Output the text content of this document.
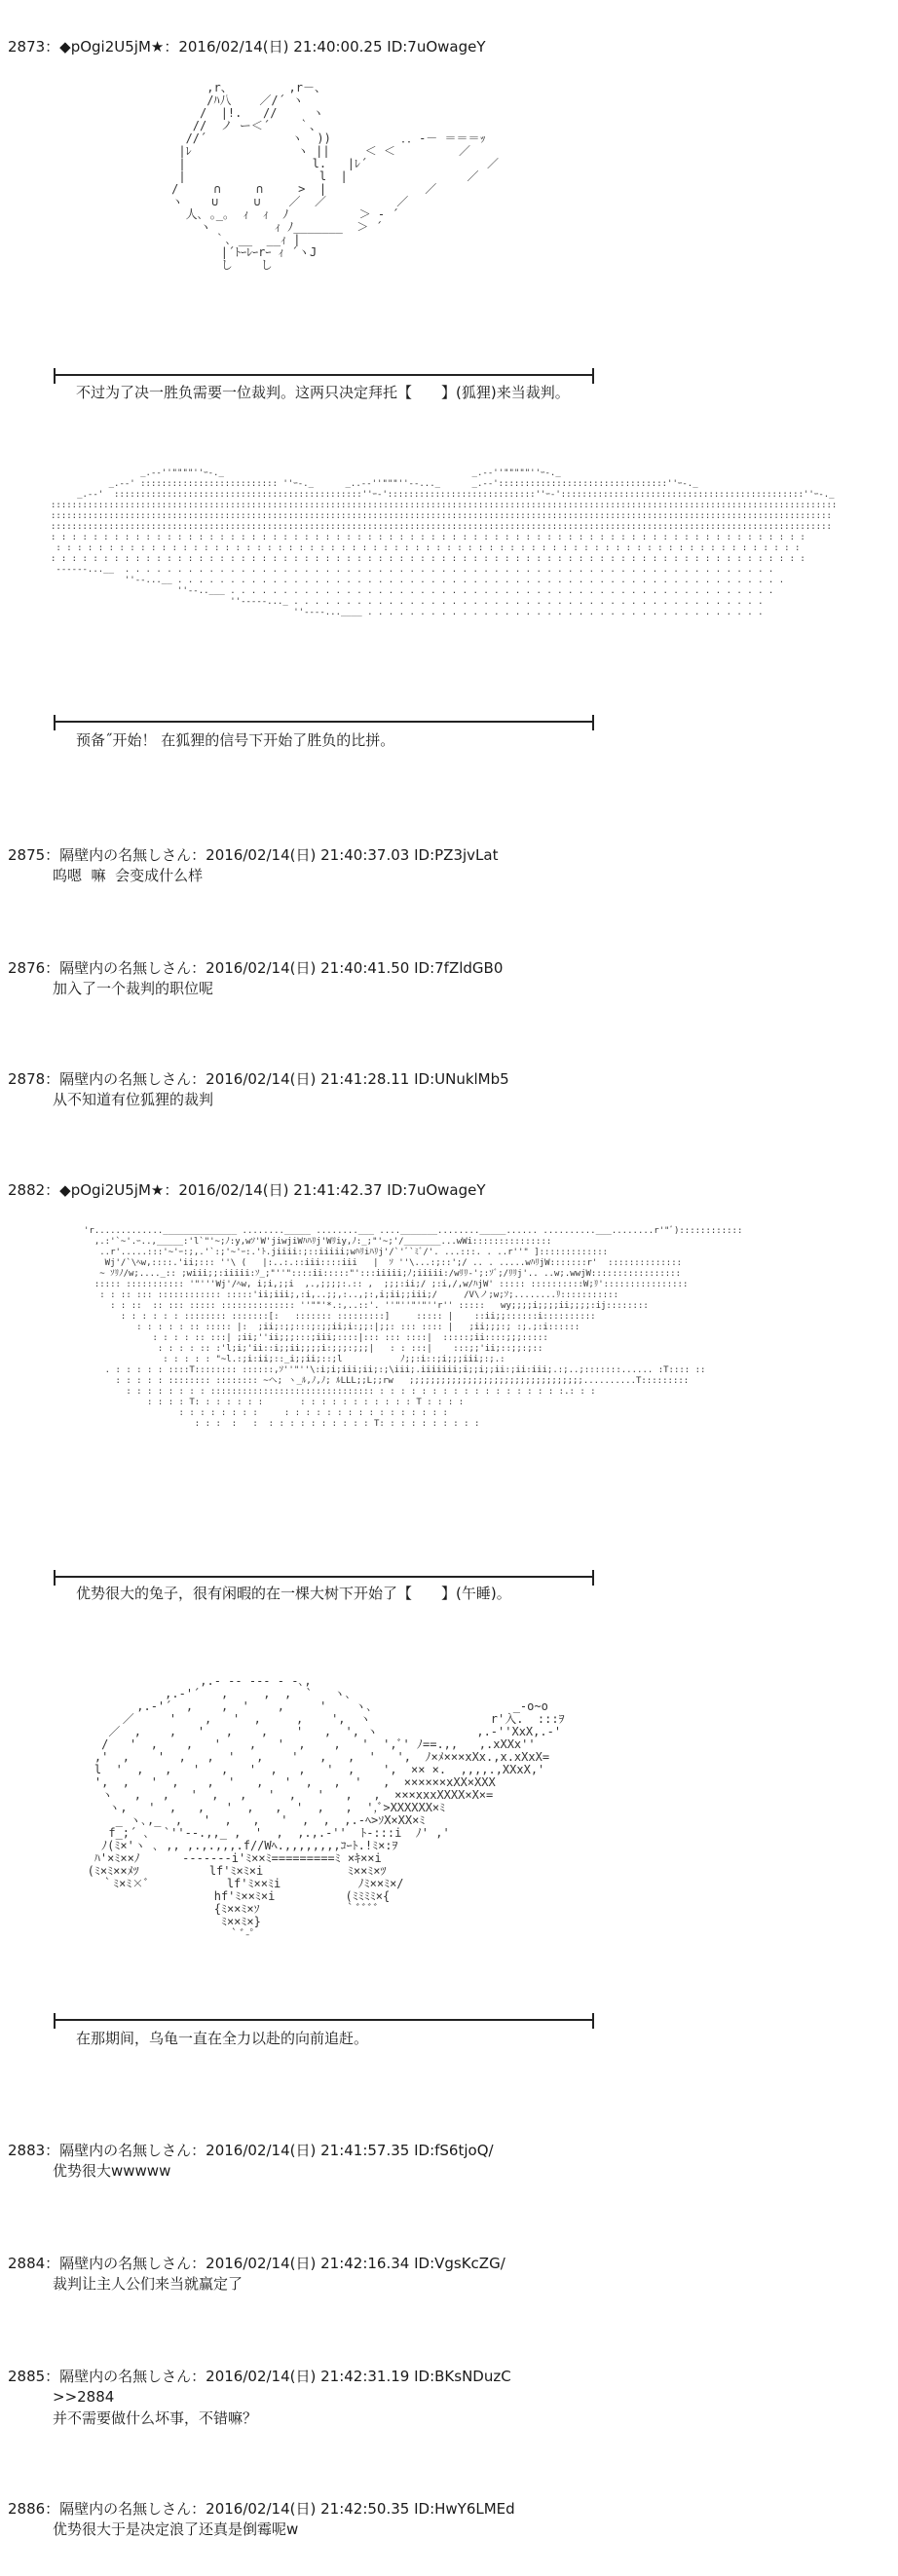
2873：◆pOgi2U5jM★：2016/02/14(日) 21:40:00.25 ID:7uOwageY
,r、        ,r－、
/ﾊ八    ／/´ ヽ
/  |!.   //     ヽ
//  ノ ー＜´    ｀、
//´            ヽ  ))          ．．-－ ＝＝＝ｯ
|ﾚ               ヽ ||     ＜ ＜         ／
|                  l.   |ﾚ´                 ／
|                   l  |                 ／
/     ∩     ∩     >  |              ／
ヽ    ∪     ∪    ／  ／          ／
人､ ｡_｡  ｨ  ｨ  ﾉ          ＞ ‐ ´
ヽ         ｨ ﾉ_______  ＞ ´
｀､ __  __ｨ |
|´ﾄｰﾚｰrｰ ｨ ´ヽJ
し    し
不过为了决一胜负需要一位裁判。这两只决定拜托【　　】(狐狸)来当裁判。
_.-‐''""""''ｰ-._                                               _.-‐''"""""''ｰ-._
_.-‐' :::::::::::::::::::::::::: ''ｰ-._      _..-‐''"""''‐-..._      _.-‐'::::::::::::::::::::::::::::::::''ｰ-._
_.-‐'  :::::::::::::::::::::::::::::::::::::::::::::::''ｰ‐'::::::::::::::::::::::::::::''ｰ‐'::::::::::::::::::::::::::::::::::::::::::::::''ｰ-._
:::::::::::::::::::::::::::::::::::::::::::::::::::::::::::::::::::::::::::::::::::::::::::::::::::::::::::::::::::::::::::::::::::::::::::::::::::::
::::::::::::::::::::::::::::::::::::::::::::::::::::::::::::::::::::::::::::::::::::::::::::::::::::::::::::::::::::::::::::::::::::::::::::::::::::
::::::::::::::::::::::::::::::::::::::::::::::::::::::::::::::::::::::::::::::::::::::::::::::::::::::::::::::::::::::::::::::::::::::::::::::::::::
: : : : : : : : : : : : : : : : : : : : : : : : : : : : : : : : : : : : : : : : : : : : : : : : : : : : : : : : : : : : : : : : : : : : : : : :
: : : : : : : : : : : : : : : : : : : : : : : : : : : : : : : : : : : : : : : : : : : : : : : : : : : : : : : : : : : : : : : : : : : : : : :
: : : : : : : : : : : : : : : : : : : : : : : : : : : : : : : : : : : : : : : : : : : : : : : : : : : : : : : : : : : : : : : : : : : : : : : :
‐‐‐---...__  . . . . . . . . . . . . . . . . . . . . . . . . . . . . . . . . . . . . . . . . . . . . . . . . . . . . . . . . . . . . . .
''‐-...__ . . . . . . . . . . . . . . . . . . . . . . . . . . . . . . . . . . . . . . . . . . . . . . . . . . . . . . . . . .
''‐-..___ . . . . . . . . . . . . . . . . . . . . . . . . . . . . . . . . . . . . . . . . . . . . . . . . . . . .
''‐‐-‐-..._ . . . . . . . . . . . . . . . . . . . . . . . . . . . . . . . . . . . . . . . . . . . . .
''‐‐--...____ . . . . . . . . . . . . . . . . . . . . . . . . . . . . . . . . . . . . . .
预备˝开始！ 在狐狸的信号下开始了胜负的比拼。
2875：隔壁内の名無しさん：2016/02/14(日) 21:40:37.03 ID:PZ3jvLat
呜嗯  嘛  会变成什么样
2876：隔壁内の名無しさん：2016/02/14(日) 21:40:41.50 ID:7fZldGB0
加入了一个裁判的职位呢
2878：隔壁内の名無しさん：2016/02/14(日) 21:41:28.11 ID:UNuklMb5
从不知道有位狐狸的裁判
2882：◆pOgi2U5jM★：2016/02/14(日) 21:41:42.37 ID:7uOwageY
'r.............______________ ........_____ ........___ ...._______........_____...... ..........___........r'"ﾞ)::::::::::::
,.:'`~'.ｰ..,_____:'l`"'~;ﾉ:y,wｿ'W'jiwjiWﾊﾊﾘj'Wﾘiy,ﾉ:_;"'~;'/_______...wWi:::::::::::::::
..r'.....:::'~'ｰ:;,.'`:;'~'ｰ:.'ﾄ.jiiii:;::iiiii;wﾊﾘiﾊﾘj'/`'ﾞ`ﾐﾞ/'. ...:::. . ..r''" ]:::::::::::::
Wj'/`\ﾍw,::::.'ii;::: ''\ (   |:..:.::iii::::iii   |  ｿ ''\...:;::';/ .. . .....wﾊﾘjW:::::::r'  ::::::::::::::
~ ｿﾘﾉ/w;...._:: ;wiii;;:iiiii:ｿ_;"''"::::ii:::::"':::iiiii;ﾉ;iiiii:/wﾘﾘ-';:ｿﾞ;/ﾘﾘj'.. ..w;.wwjW:::::::::::::::::
::::: ::::::::::: '"'''Wj'/ﾍw, i;i,;;i  ,.,;;;;:.:: ,  ;;;:ii;/ ;:i,/,w/ﾊjW' ::::: ::::::::::W;ﾘ'::::::::::::::::
: : :: ::: :::::::::::: :::::'ii;iii;,:i,..;;,:..,;:,i;ii;;iii;/     /V\ノ;w;ｿ;........ﾘ:::::::::::
: : ::  :: ::: ::::: :::::::::::::: ''""'*.:,..::'. ''"''"'"''r'' :::::   wy;;;;i;;;;ii;;;;:ij::::::::
: : : : : : :::::::: :::::::[:   ::::::: :::::::::]     ::::: |    ::ii;;::::::i::::::::::
: : : : : :: ::::: |:  ;ii;:;;:::;:;;ii;i:;;:|;;: ::: :::: |   ;ii;;;:; :;.;:i::::::
: : : : :: :::| ;ii;''ii;;;:::;iii;::::|::: ::: ::::|  :::::;ii::::;;;:::::
: : : : :: :'l;i;'ii::i;;ii;;;;i:;;;:;;;|   : : :::|    :::;;'ii;::;;:;::
: : : : : "~l.:;i:ii;::_i;;ii;::;l           ﾉ;;:i::;i;;;iii;:;.:
. : : : : : ::::T:::::::: ::::::,ｿ''"''\:i;i;iii;ii;:;\iii;.iiiiiii;i;;i;;ii:;ii:iii;.:;..;:::::::...... :T:::: ::
: : : : : :::::::: :::::::: ~ヘ; ヽ_ﾙ,ﾉ,ﾉ; ﾙLLL;;L;;rw   ;;;;;;;;;;;;;;;;;;;;;;;;;;;;;;;;;..........T:::::::::
: : : : : : : : ::::::::::::::::::::::::::::::: : : : : : : : : : : : : : : : : : :.: : :
: : : : T: : : : : : :       : : : : : : : : : : : T : : : :
: : : : : : : :     : : : : : : : : : : : : : : : :
: : :  :   :  : : : : : : : : : : T: : : : : : : : : :
优势很大的兔子，很有闲暇的在一棵大树下开始了【　　】(午睡)。
,.- ‐‐ ‐‐‐ ‐ -､,
,.‐'´   ,     ,  ,  `   ヽ､
,.‐'´  ,    ,  '    ,     '    ヽ､                    _-o~o
／     '    ,   '  ,     ,    ',  ヽ                 r'入.  :::ｦ
／  ,    ,   '   ,    ,    '   ,  ', ヽ              ,.-''XxX,.-'
/   '  ,    ,   '    ,   '  ,    ,   '  ',ﾞ' ﾉ==.,,   ,.xXXx''
,'  ,    '  ,   ,  '   ,    '   ,   ,  '   ',  ﾉ×ﾒ×××xXx.,x.xXxX=
l  '  ,   ,   '   ,   '  ,   ,   '  ,    ',  ×× ×.  ,,,,.,XXxX,'
',  ,   '  ,    ,  '   ,   '  ,   ,  '   ,  ××××××xXX×XXX
ヽ   ,   ,   '  ,   ,   '  ,   '   ,   ,  ×××xxxXXXX×X×=
ヽ,   '  ,   ,   '  ,   ,  '  ,   ,  ',ﾞ>XXXXXX×ﾐ
_ ヽ､,_  ,   '  ,   ,   '  ,  ,  ,.-ﾍ>ｿX×XX×ﾐ
f_;´ ､  `''‐-.,,_ ,  '  ,  ,.,.-''  ﾄ-:::i  ﾉ' ,'
ﾉ(ﾐ×'ヽ ､ ,, ,.,.,,,.f//Wﾍ.,,,,,,,,ｺｰﾄ.!ﾐ×:ｦ
ﾊ'×ﾐ××ﾉ      ‐‐‐‐‐‐‐i'ﾐ××ﾐ=========ﾐ ×ｷ××i
(ﾐ×ﾐ××ﾒﾂ          lf'ﾐ×ﾐ×i            ﾐ××ﾐ×ﾂ
｀ﾐ×ﾐ×ﾞ           lf'ﾐ××ﾐi           ﾉﾐ××ﾐ×/
hf'ﾐ××ﾐ×i          (ﾐﾐﾐﾐ×{
{ﾐ××ﾐ×ｿ            ｀ﾞﾞﾞﾞ
ﾐ××ﾐ×}
｀ﾞ-ﾟ
在那期间，乌龟一直在全力以赴的向前追赶。
2883：隔壁内の名無しさん：2016/02/14(日) 21:41:57.35 ID:fS6tjoQ/
优势很大wwwww
2884：隔壁内の名無しさん：2016/02/14(日) 21:42:16.34 ID:VgsKcZG/
裁判让主人公们来当就赢定了
2885：隔壁内の名無しさん：2016/02/14(日) 21:42:31.19 ID:BKsNDuzC
>>2884
并不需要做什么坏事，不错嘛？
2886：隔壁内の名無しさん：2016/02/14(日) 21:42:50.35 ID:HwY6LMEd
优势很大于是决定浪了还真是倒霉呢w
